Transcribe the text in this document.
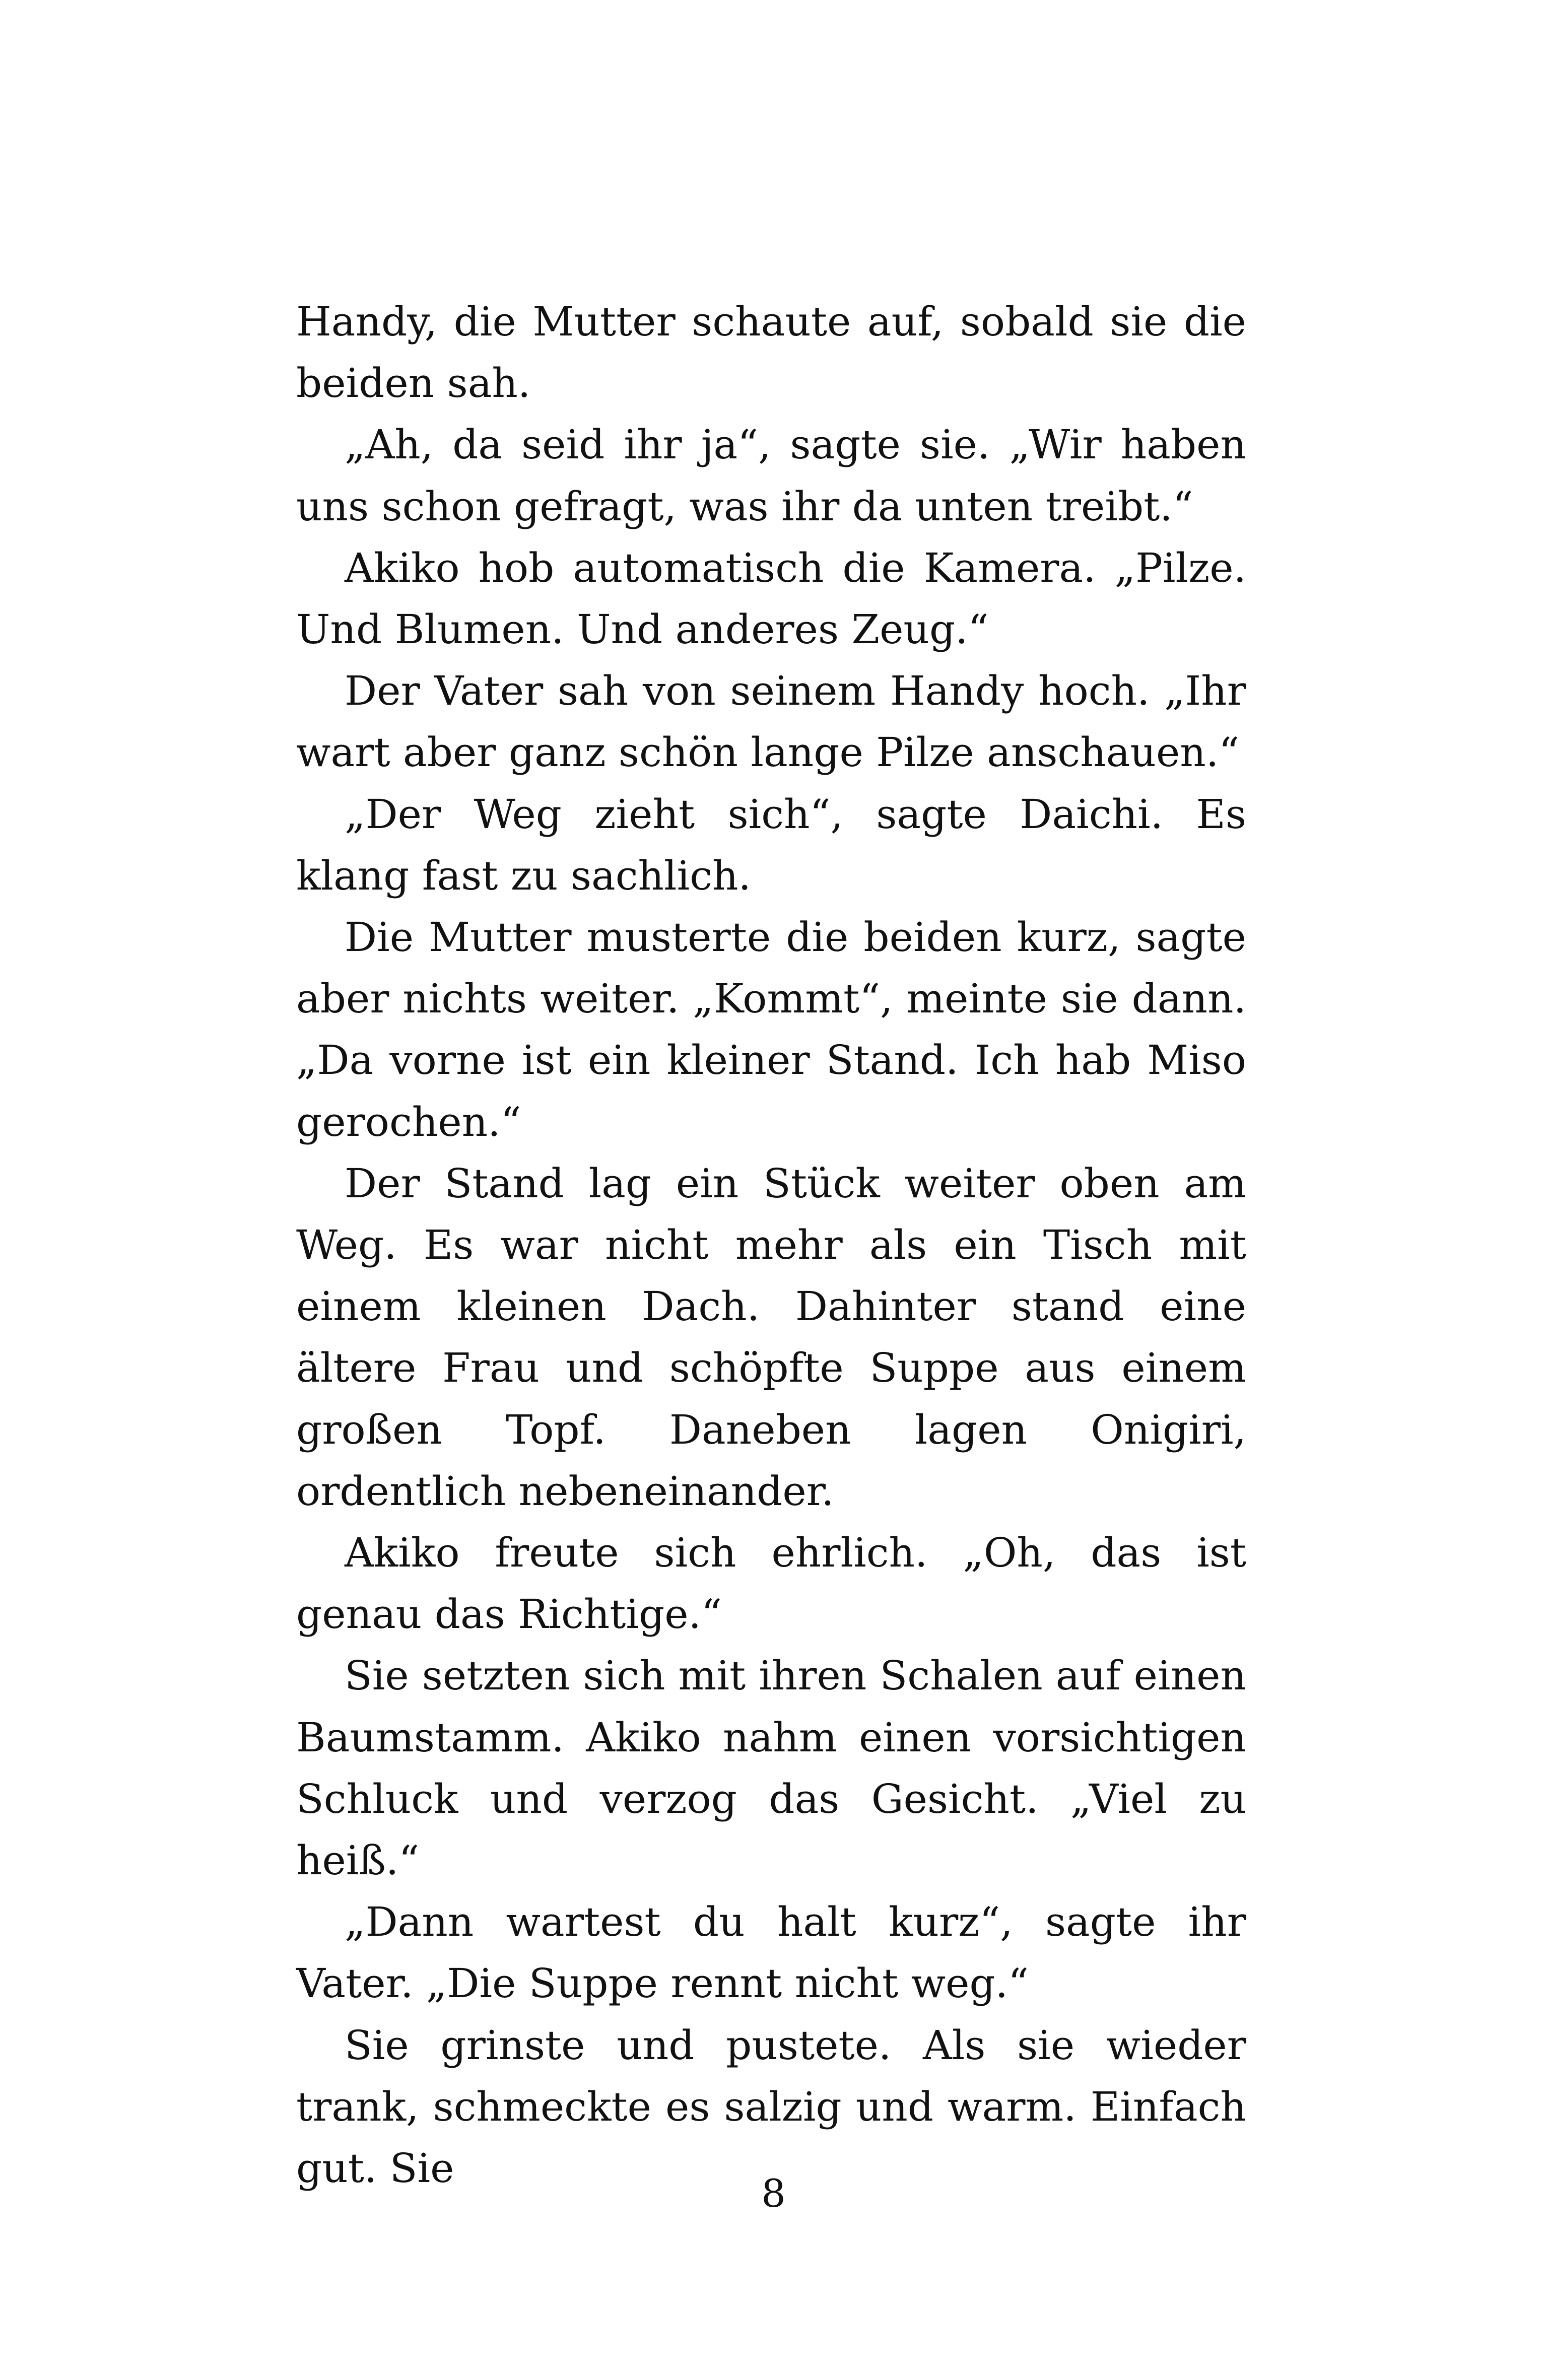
Handy, die Mutter schaute auf, sobald sie die beiden sah.

„Ah, da seid ihr ja“, sagte sie. „Wir haben uns schon gefragt, was ihr da unten treibt.“

Akiko hob automatisch die Kamera. „Pilze. Und Blumen. Und anderes Zeug.“

Der Vater sah von seinem Handy hoch. „Ihr wart aber ganz schön lange Pilze anschauen.“

„Der Weg zieht sich“, sagte Daichi. Es klang fast zu sachlich.

Die Mutter musterte die beiden kurz, sagte aber nichts weiter. „Kommt“, meinte sie dann. „Da vorne ist ein kleiner Stand. Ich hab Miso gerochen.“

Der Stand lag ein Stück weiter oben am Weg. Es war nicht mehr als ein Tisch mit einem kleinen Dach. Dahinter stand eine ältere Frau und schöpfte Suppe aus einem großen Topf. Daneben lagen Onigiri, ordentlich nebeneinander.

Akiko freute sich ehrlich. „Oh, das ist genau das Richtige.“

Sie setzten sich mit ihren Schalen auf einen Baumstamm. Akiko nahm einen vorsichtigen Schluck und verzog das Gesicht. „Viel zu heiß.“

„Dann wartest du halt kurz“, sagte ihr Vater. „Die Suppe rennt nicht weg.“

Sie grinste und pustete. Als sie wieder trank, schmeckte es salzig und warm. Einfach gut. Sie

8
